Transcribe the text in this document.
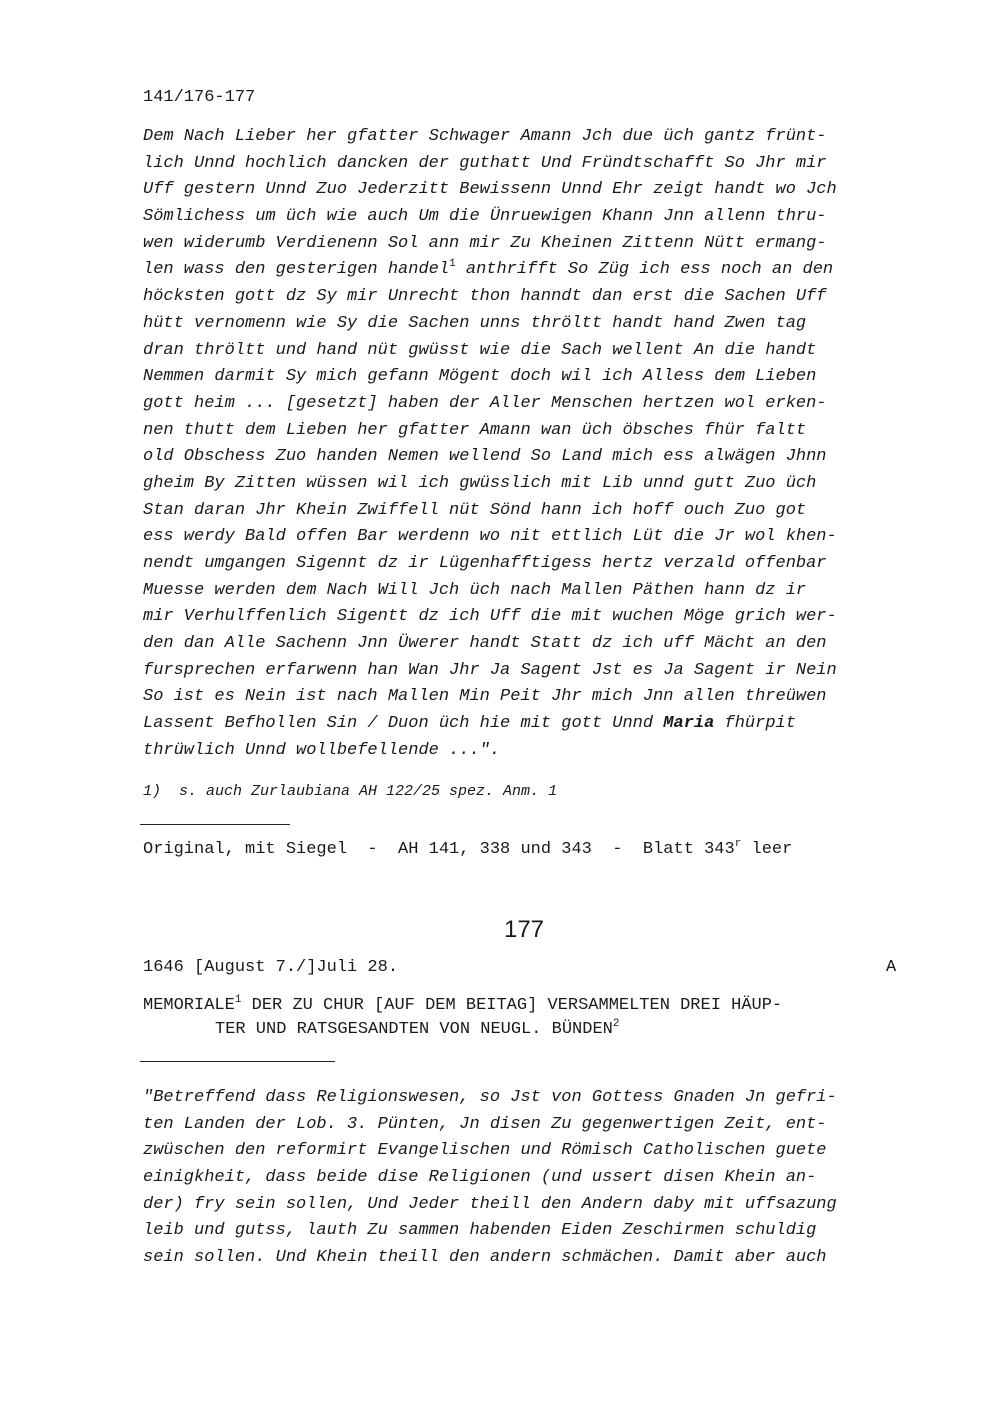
141/176-177
Dem Nach Lieber her gfatter Schwager Amann Jch due üch gantz frünt-
lich Unnd hochlich dancken der guthatt Und Fründtschafft So Jhr mir
Uff gestern Unnd Zuo Jederzitt Bewissenn Unnd Ehr zeigt handt wo Jch
Sömlichess um üch wie auch Um die Ünruewigen Khann Jnn allenn thru-
wen widerumb Verdienenn Sol ann mir Zu Kheinen Zittenn Nütt ermang-
len wass den gesterigen handel$^1$ anthrifft So Züg ich ess noch an den
höcksten gott dz Sy mir Unrecht thon hanndt dan erst die Sachen Uff
hütt vernomenn wie Sy die Sachen unns thröltt handt hand Zwen tag
dran thröltt und hand nüt gwüsst wie die Sach wellent An die handt
Nemmen darmit Sy mich gefann Mögent doch wil ich Alless dem Lieben
gott heim ... [gesetzt] haben der Aller Menschen hertzen wol erken-
nen thutt dem Lieben her gfatter Amann wan üch öbsches fhür faltt
old Obschess Zuo handen Nemen wellend So Land mich ess alwägen Jhnn
gheim By Zitten wüssen wil ich gwüsslich mit Lib unnd gutt Zuo üch
Stan daran Jhr Khein Zwiffell nüt Sönd hann ich hoff ouch Zuo got
ess werdy Bald offen Bar werdenn wo nit ettlich Lüt die Jr wol khen-
nendt umgangen Sigennt dz ir Lügenhafftigess hertz verzald offenbar
Muesse werden dem Nach Will Jch üch nach Mallen Päthen hann dz ir
mir Verhulffenlich Sigentt dz ich Uff die mit wuchen Möge grich wer-
den dan Alle Sachenn Jnn Üwerer handt Statt dz ich uff Mächt an den
fursprechen erfarwenn han Wan Jhr Ja Sagent Jst es Ja Sagent ir Nein
So ist es Nein ist nach Mallen Min Peit Jhr mich Jnn allen threüwen
Lassent Befhollen Sin / Duon üch hie mit gott Unnd Maria fhürpit
thrüwlich Unnd wollbefellende ...".
1)  s. auch Zurlaubiana AH 122/25 spez. Anm. 1
Original, mit Siegel  -  AH 141, 338 und 343  -  Blatt 343$^r$ leer
177
1646 [August 7./]Juli 28.	A
MEMORIALE$^1$ DER ZU CHUR [AUF DEM BEITAG] VERSAMMELTEN DREI HÄUP-
TER UND RATSGESANDTEN VON NEUGL. BÜNDEN$^2$
"Betreffend dass Religionswesen, so Jst von Gottess Gnaden Jn gefri-
ten Landen der Lob. 3. Pünten, Jn disen Zu gegenwertigen Zeit, ent-
zwüschen den reformirt Evangelischen und Römisch Catholischen guete
einigkheit, dass beide dise Religionen (und ussert disen Khein an-
der) fry sein sollen, Und Jeder theill den Andern daby mit uffsazung
leib und gutss, lauth Zu sammen habenden Eiden Zeschirmen schuldig
sein sollen. Und Khein theill den andern schmächen. Damit aber auch
